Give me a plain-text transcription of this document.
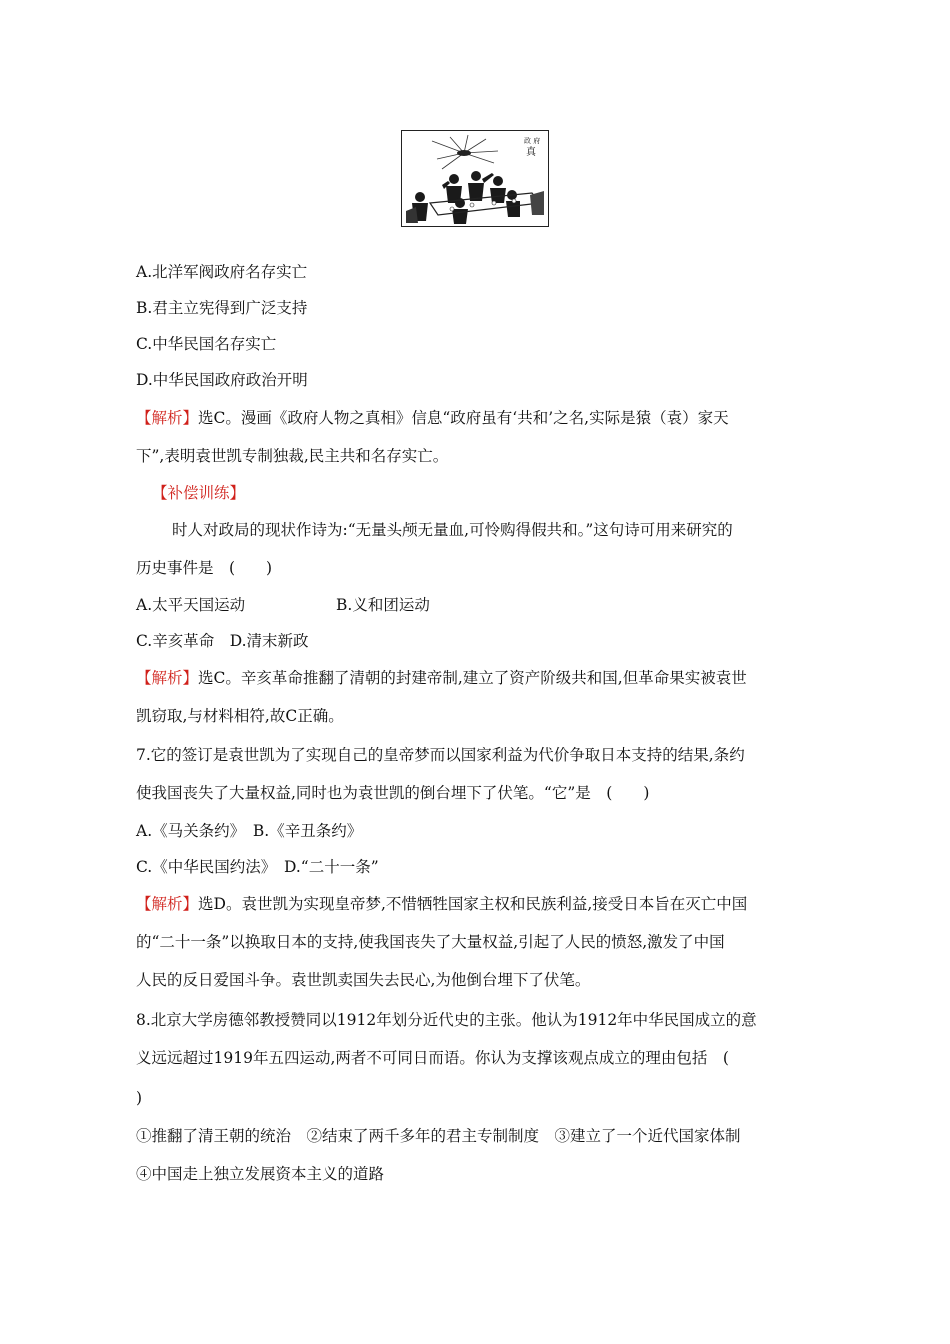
政 府
真
A.北洋军阀政府名存实亡
B.君主立宪得到广泛支持
C.中华民国名存实亡
D.中华民国政府政治开明
【解析】选C。漫画《政府人物之真相》信息“政府虽有‘共和’之名,实际是猿（袁）家天
下”,表明袁世凯专制独裁,民主共和名存实亡。
【补偿训练】
时人对政局的现状作诗为:“无量头颅无量血,可怜购得假共和。”这句诗可用来研究的
历史事件是　(　　)
A.太平天国运动	B.义和团运动
C.辛亥革命　D.清末新政
【解析】选C。辛亥革命推翻了清朝的封建帝制,建立了资产阶级共和国,但革命果实被袁世
凯窃取,与材料相符,故C正确。
7.它的签订是袁世凯为了实现自己的皇帝梦而以国家利益为代价争取日本支持的结果,条约
使我国丧失了大量权益,同时也为袁世凯的倒台埋下了伏笔。“它”是　(　　)
A.《马关条约》　B.《辛丑条约》
C.《中华民国约法》　D.“二十一条”
【解析】选D。袁世凯为实现皇帝梦,不惜牺牲国家主权和民族利益,接受日本旨在灭亡中国
的“二十一条”以换取日本的支持,使我国丧失了大量权益,引起了人民的愤怒,激发了中国
人民的反日爱国斗争。袁世凯卖国失去民心,为他倒台埋下了伏笔。
8.北京大学房德邻教授赞同以1912年划分近代史的主张。他认为1912年中华民国成立的意
义远远超过1919年五四运动,两者不可同日而语。你认为支撑该观点成立的理由包括　(
)
①推翻了清王朝的统治　②结束了两千多年的君主专制制度　③建立了一个近代国家体制
④中国走上独立发展资本主义的道路
